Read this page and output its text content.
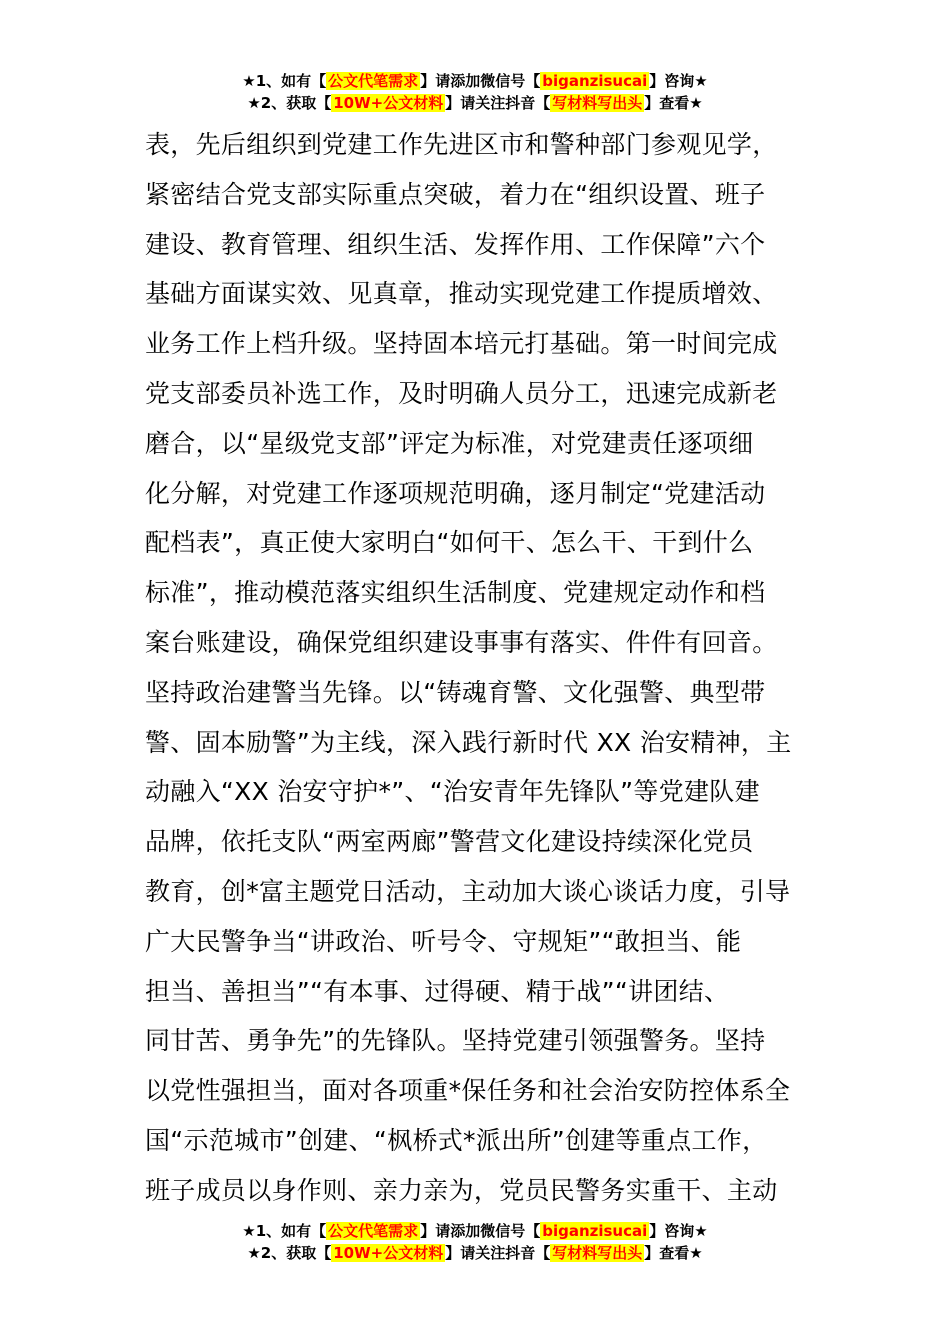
★1、如有【 公文代笔需求 】请添加微信号【 biganzisucai 】咨询★
★2、获取【 10W+公文材料 】请关注抖音【 写材料写出头 】查看★
表，先后组织到党建工作先进区市和警种部门参观见学，
紧密结合党支部实际重点突破，着力在“组织设置、班子
建设、教育管理、组织生活、发挥作用、工作保障”六个
基础方面谋实效、见真章，推动实现党建工作提质增效、
业务工作上档升级。坚持固本培元打基础。第一时间完成
党支部委员补选工作，及时明确人员分工，迅速完成新老
磨合，以“星级党支部”评定为标准，对党建责任逐项细
化分解，对党建工作逐项规范明确，逐月制定“党建活动
配档表”，真正使大家明白“如何干、怎么干、干到什么
标准”，推动模范落实组织生活制度、党建规定动作和档
案台账建设，确保党组织建设事事有落实、件件有回音。
坚持政治建警当先锋。以“铸魂育警、文化强警、典型带
警、固本励警”为主线，深入践行新时代 XX 治安精神，主
动融入“XX 治安守护*”、“治安青年先锋队”等党建队建
品牌，依托支队“两室两廊”警营文化建设持续深化党员
教育，创*富主题党日活动，主动加大谈心谈话力度，引导
广大民警争当“讲政治、听号令、守规矩”“敢担当、能
担当、善担当”“有本事、过得硬、精于战”“讲团结、
同甘苦、勇争先”的先锋队。坚持党建引领强警务。坚持
以党性强担当，面对各项重*保任务和社会治安防控体系全
国“示范城市”创建、“枫桥式*派出所”创建等重点工作，
班子成员以身作则、亲力亲为，党员民警务实重干、主动
★1、如有【 公文代笔需求 】请添加微信号【 biganzisucai 】咨询★
★2、获取【 10W+公文材料 】请关注抖音【 写材料写出头 】查看★
